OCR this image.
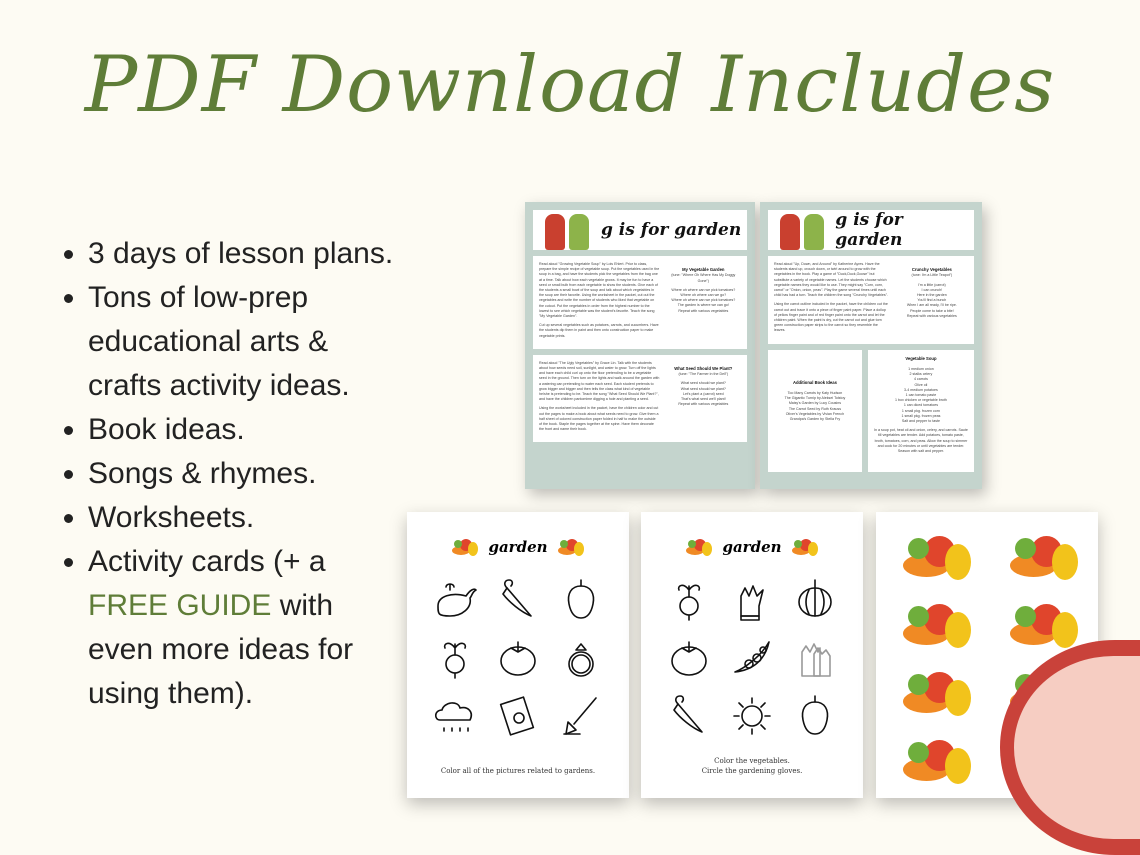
PDF Download Includes
3 days of lesson plans.
Tons of low-prep educational arts & crafts activity ideas.
Book ideas.
Songs & rhymes.
Worksheets.
Activity cards (+ a FREE GUIDE with even more ideas for using them).
g is for garden

Read aloud "Growing Vegetable Soup" by Lois Ehlert. Prior to class, prepare the simple recipe of vegetable soup. Put the vegetables used in the soup in a bag, and have the students pick the vegetables from the bag one at a time. Talk about how each vegetable grows. It may be fun to have a seed or small bulb from each vegetable to show the students. Give each of the students a small bowl of the soup and talk about which vegetables in the soup are their favorite. Using the worksheet in the packet, cut out the vegetables and write the number of students who liked that vegetable on the cutout. Put the vegetables in order from the highest number to the lowest to see which vegetable was the student's favorite. Teach the song "My Vegetable Garden".

Cut up several vegetables such as potatoes, carrots, and cucumbers. Have the students dip them in paint and then onto construction paper to make vegetable prints.

My Vegetable Garden

(tune: "Where Oh Where Has My Doggy Gone")

Where oh where can we pick tomatoes?
Where oh where can we go?
Where oh where can we pick tomatoes?
The garden is where we can go!
Repeat with various vegetables

Read aloud "The Ugly Vegetables" by Grace Lin. Talk with the students about how seeds need soil, sunlight, and water to grow. Turn off the lights and have each child curl up onto the floor pretending to be a vegetable seed in the ground. Then turn on the lights and walk around the garden with a watering can pretending to water each seed. Each student pretends to grow bigger and bigger and then tells the class what kind of vegetable he/she is pretending to be. Teach the song "What Seed Should We Plant?", and have the children pantomime digging a hole and planting a seed.

Using the worksheet included in the packet, have the children color and cut out the pages to make a book about what seeds need to grow. Give them a half sheet of colored construction paper folded in half to make the outside of the book. Staple the pages together at the spine. Have them decorate the front and name their book.

What Seed Should We Plant?

(tune: "The Farmer in the Dell")

What seed should we plant?
What seed should we plant?
Let's plant a (carrot) seed
That's what seed we'll plant!
Repeat with various vegetables
g is for garden

Read aloud "Up, Down, and Around" by Katherine Ayres. Have the students stand up, crouch down, or twirl around to grow with the vegetables in the book. Play a game of "Duck,Duck,Goose" but substitute a variety of vegetable names. Let the students choose which vegetable names they would like to use. They might say "Corn, corn, carrot" or "Onion, onion, peas". Play the game several times until each child has had a turn. Teach the children the song "Crunchy Vegetables".

Using the carrot outline included in the packet, have the children cut the carrot out and trace it onto a piece of finger paint paper. Place a dollop of yellow finger paint and of red finger paint onto the carrot and let the children paint. When the paint is dry, cut the carrot out and glue torn green construction paper strips to the carrot so they resemble the leaves.

Crunchy Vegetables

(tune: I'm a Little Teapot")

I'm a little (carrot)
I can crunch!
Here in the garden
You'll find a bunch
When I am all ready, I'll be ripe.
People come to take a bite!
Repeat with various vegetables
Additional Book Ideas

Too Many Carrots by Katy Hudson
The Gigantic Turnip by Aleksei Tolstoy
Maisy's Garden by Lucy Cousins
The Carrot Seed by Ruth Krauss
Oliver's Vegetables by Vivian French
Grandpa's Garden by Stella Fry
Vegetable Soup

1 medium onion
2 stalks celery
4 carrots
Olive oil
3-4 medium potatoes
1 can tomato paste
1 box chicken or vegetable broth
1 can diced tomatoes
1 small pkg. frozen corn
1 small pkg. frozen peas
Salt and pepper to taste

In a soup pot, heat oil and onion, celery, and carrots. Saute till vegetables are tender. Add potatoes, tomato paste, broth, tomatoes, corn, and peas. Allow the soup to simmer and cook for 20 minutes or until vegetables are tender. Season with salt and pepper.

garden
Color all of the pictures related to gardens.
garden
Color the vegetables.
Circle the gardening gloves.
